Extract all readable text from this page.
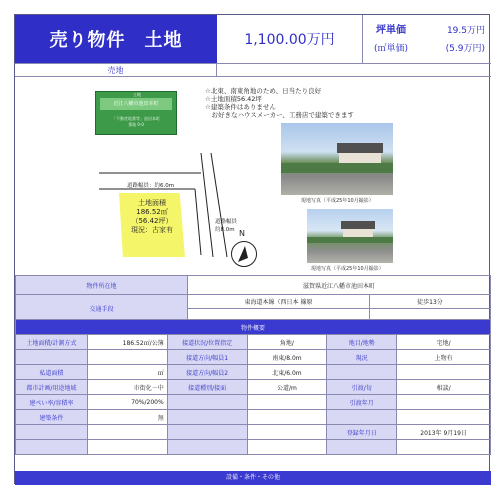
売り物件　土地	1,100.00万円
坪単価	19.5万円
(㎡単価)	(5.9万円)
売地
近江八幡市池田本町
「不動産地番等」池田本町
番地 0-0
土地	☆北東、南東角地のため、日当たり良好
☆土地面積56.42坪
☆建築条件はありません
　お好きなハウスメーカー、工務店で建築できます
道路幅員：約6.0m
道路幅員
約8.0m
土地面積
186.52㎡
（56.42坪）
現況：古家有	N
現地写真（平成25年10月撮影）
現地写真（平成25年10月撮影）
物件所在地	滋賀県近江八幡市池田本町	
交通手段	東海道本線（西日本 篠原	徒歩13分

物件概要					
土地面積/計測方式	186.52㎡/公簿	接道状況/位置指定	角地/	地目/地勢	宅地/
		接道方向/幅員1	南東/8.0m	現況	上物有
私道面積	㎡	接道方向/幅員2	北東/6.0m		
都市計画/用途地域	市街化－中	接道種別/接面	公道/m	引渡/旬	相談/
建ぺい率/容積率	70%/200%			引渡年月	
建築条件	無				
				登録年月日	2013年 9月19日

設備・条件・その他
